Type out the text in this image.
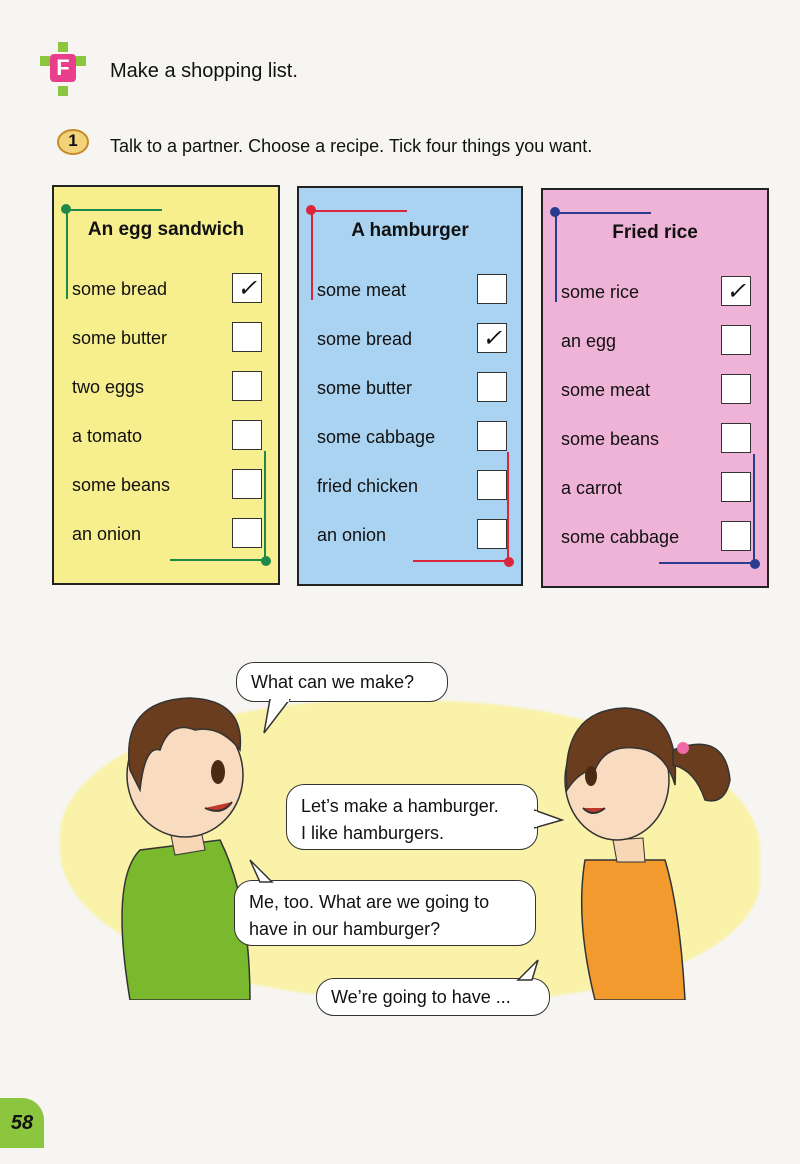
F	Make a shopping list.
1	Talk to a partner. Choose a recipe. Tick four things you want.
An egg sandwich
some bread	✓
some butter
two eggs
a tomato
some beans
an onion
A hamburger
some meat
some bread	✓
some butter
some cabbage
fried chicken
an onion
Fried rice
some rice	✓
an egg
some meat
some beans
a carrot
some cabbage
What can we make?
Let’s make a hamburger.
I like hamburgers.
Me, too. What are we going to
have in our hamburger?
We’re going to have ...
58
